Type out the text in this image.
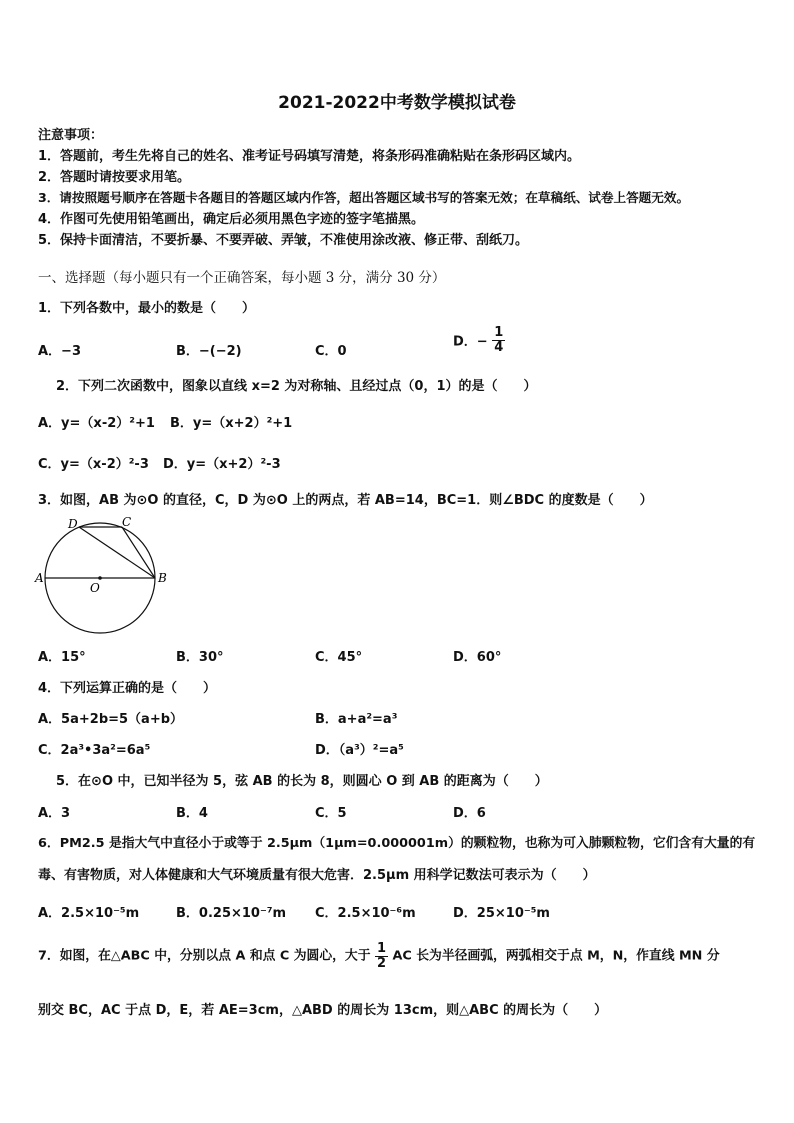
2021-2022中考数学模拟试卷
注意事项：
1．答题前，考生先将自己的姓名、准考证号码填写清楚，将条形码准确粘贴在条形码区域内。
2．答题时请按要求用笔。
3．请按照题号顺序在答题卡各题目的答题区域内作答，超出答题区域书写的答案无效；在草稿纸、试卷上答题无效。
4．作图可先使用铅笔画出，确定后必须用黑色字迹的签字笔描黑。
5．保持卡面清洁，不要折暴、不要弄破、弄皱，不准使用涂改液、修正带、刮纸刀。
一、选择题（每小题只有一个正确答案，每小题 3 分，满分 30 分）
1．下列各数中，最小的数是（　　）
A．−3	B．−(−2)	C．0
D．− $\frac{1}{4}$
2．下列二次函数中，图象以直线 x=2 为对称轴、且经过点（0，1）的是（　　）
A．y=（x-2）²+1 B．y=（x+2）²+1
C．y=（x-2）²-3 D．y=（x+2）²-3
3．如图，AB 为⊙O 的直径，C，D 为⊙O 上的两点，若 AB=14，BC=1．则∠BDC 的度数是（　　）
A	B
C
D
O
A．15°	B．30°	C．45°	D．60°
4．下列运算正确的是（　　）
A．5a+2b=5（a+b）	B．a+a²=a³
C．2a³•3a²=6a⁵	D．（a³）²=a⁵
5．在⊙O 中，已知半径为 5，弦 AB 的长为 8，则圆心 O 到 AB 的距离为（　　）
A．3	B．4	C．5	D．6
6．PM2.5 是指大气中直径小于或等于 2.5μm（1μm=0.000001m）的颗粒物，也称为可入肺颗粒物，它们含有大量的有
毒、有害物质，对人体健康和大气环境质量有很大危害．2.5μm 用科学记数法可表示为（　　）
A．2.5×10⁻⁵m	B．0.25×10⁻⁷m C．2.5×10⁻⁶m	D．25×10⁻⁵m
7．如图，在△ABC 中，分别以点 A 和点 C 为圆心，大于 $\frac{1}{2}$ AC 长为半径画弧，两弧相交于点 M，N，作直线 MN 分
别交 BC，AC 于点 D，E，若 AE=3cm，△ABD 的周长为 13cm，则△ABC 的周长为（　　）
